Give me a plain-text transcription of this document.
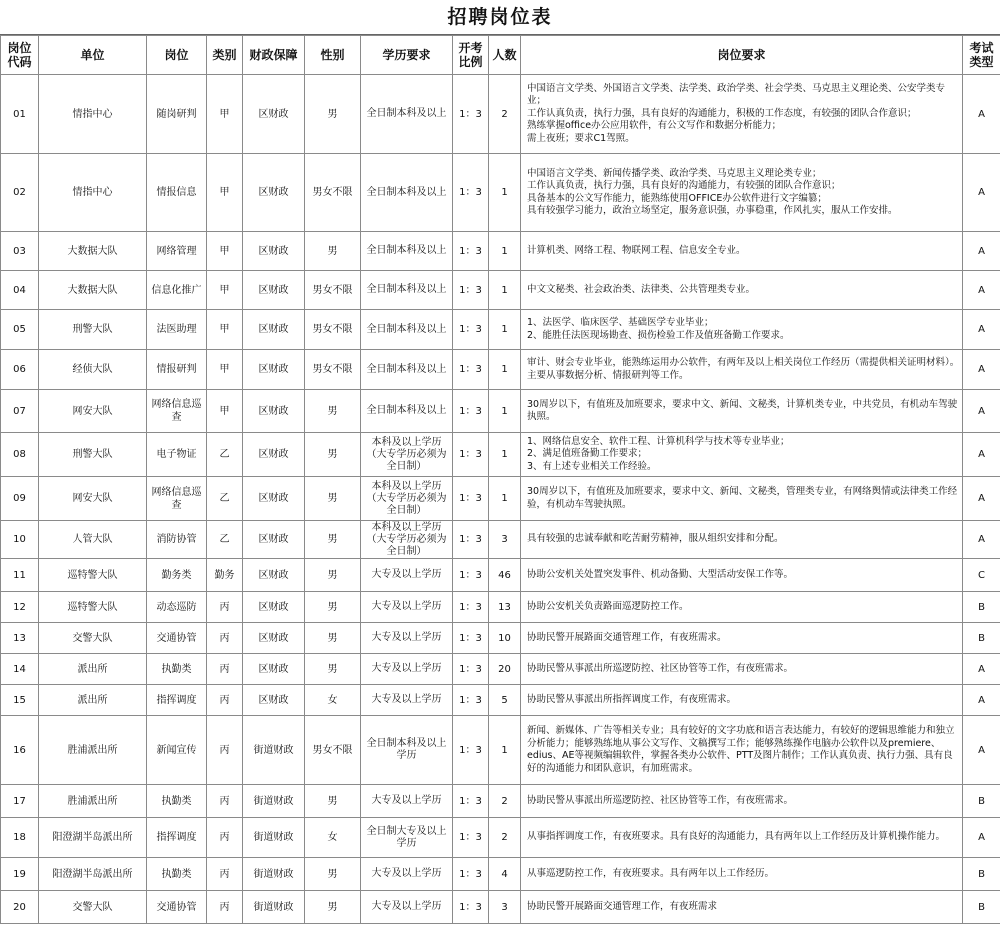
招聘岗位表
岗位代码	单位	岗位	类别	财政保障	性别	学历要求	开考比例	人数	岗位要求	考试类型
01	情指中心	随岗研判	甲	区财政	男	全日制本科及以上	1：3	2	中国语言文学类、外国语言文学类、法学类、政治学类、社会学类、马克思主义理论类、公安学类专业；
工作认真负责，执行力强，具有良好的沟通能力，积极的工作态度，有较强的团队合作意识；
熟练掌握office办公应用软件，有公文写作和数据分析能力；
需上夜班；要求C1驾照。	A
02	情指中心	情报信息	甲	区财政	男女不限	全日制本科及以上	1：3	1	中国语言文学类、新闻传播学类、政治学类、马克思主义理论类专业；
工作认真负责，执行力强，具有良好的沟通能力，有较强的团队合作意识；
具备基本的公文写作能力，能熟练使用OFFICE办公软件进行文字编篡；
具有较强学习能力，政治立场坚定，服务意识强，办事稳重，作风扎实，服从工作安排。	A
03	大数据大队	网络管理	甲	区财政	男	全日制本科及以上	1：3	1	计算机类、网络工程、物联网工程、信息安全专业。	A
04	大数据大队	信息化推广	甲	区财政	男女不限	全日制本科及以上	1：3	1	中文文秘类、社会政治类、法律类、公共管理类专业。	A
05	刑警大队	法医助理	甲	区财政	男女不限	全日制本科及以上	1：3	1	1、法医学、临床医学、基础医学专业毕业；
2、能胜任法医现场勘查、损伤检验工作及值班备勤工作要求。	A
06	经侦大队	情报研判	甲	区财政	男女不限	全日制本科及以上	1：3	1	审计、财会专业毕业，能熟练运用办公软件，有两年及以上相关岗位工作经历（需提供相关证明材料）。主要从事数据分析、情报研判等工作。	A
07	网安大队	网络信息巡查	甲	区财政	男	全日制本科及以上	1：3	1	30周岁以下，有值班及加班要求，要求中文、新闻、文秘类，计算机类专业，中共党员，有机动车驾驶执照。	A
08	刑警大队	电子物证	乙	区财政	男	本科及以上学历（大专学历必须为全日制）	1：3	1	1、网络信息安全、软件工程、计算机科学与技术等专业毕业；
2、满足值班备勤工作要求；
3、有上述专业相关工作经验。	A
09	网安大队	网络信息巡查	乙	区财政	男	本科及以上学历（大专学历必须为全日制）	1：3	1	30周岁以下，有值班及加班要求，要求中文、新闻、文秘类，管理类专业，有网络舆情或法律类工作经验，有机动车驾驶执照。	A
10	人管大队	消防协管	乙	区财政	男	本科及以上学历（大专学历必须为全日制）	1：3	3	具有较强的忠诚奉献和吃苦耐劳精神，服从组织安排和分配。	A
11	巡特警大队	勤务类	勤务	区财政	男	大专及以上学历	1：3	46	协助公安机关处置突发事件、机动备勤、大型活动安保工作等。	C
12	巡特警大队	动态巡防	丙	区财政	男	大专及以上学历	1：3	13	协助公安机关负责路面巡逻防控工作。	B
13	交警大队	交通协管	丙	区财政	男	大专及以上学历	1：3	10	协助民警开展路面交通管理工作，有夜班需求。	B
14	派出所	执勤类	丙	区财政	男	大专及以上学历	1：3	20	协助民警从事派出所巡逻防控、社区协管等工作，有夜班需求。	A
15	派出所	指挥调度	丙	区财政	女	大专及以上学历	1：3	5	协助民警从事派出所指挥调度工作，有夜班需求。	A
16	胜浦派出所	新闻宣传	丙	街道财政	男女不限	全日制本科及以上学历	1：3	1	新闻、新媒体、广告等相关专业；具有较好的文字功底和语言表达能力，有较好的逻辑思维能力和独立分析能力；能够熟练地从事公文写作、文稿撰写工作；能够熟练操作电脑办公软件以及premiere、edius、AE等视频编辑软件，掌握各类办公软件、PTT及图片制作；工作认真负责、执行力强、具有良好的沟通能力和团队意识，有加班需求。	A
17	胜浦派出所	执勤类	丙	街道财政	男	大专及以上学历	1：3	2	协助民警从事派出所巡逻防控、社区协管等工作，有夜班需求。	B
18	阳澄湖半岛派出所	指挥调度	丙	街道财政	女	全日制大专及以上学历	1：3	2	从事指挥调度工作，有夜班要求。具有良好的沟通能力，具有两年以上工作经历及计算机操作能力。	A
19	阳澄湖半岛派出所	执勤类	丙	街道财政	男	大专及以上学历	1：3	4	从事巡逻防控工作，有夜班要求。具有两年以上工作经历。	B
20	交警大队	交通协管	丙	街道财政	男	大专及以上学历	1：3	3	协助民警开展路面交通管理工作，有夜班需求	B
